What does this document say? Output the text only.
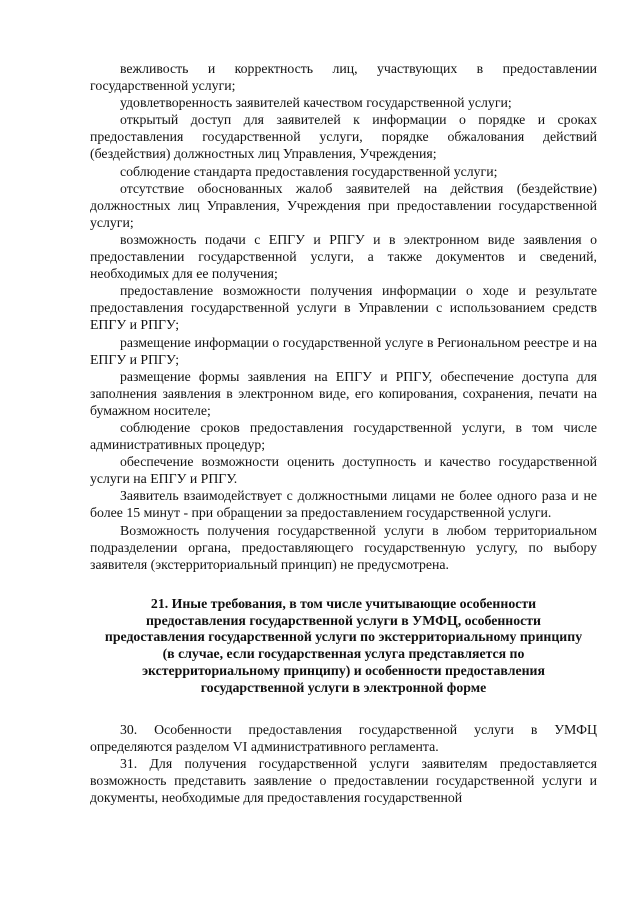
вежливость и корректность лиц, участвующих в предоставлении государственной услуги;

удовлетворенность заявителей качеством государственной услуги;

открытый доступ для заявителей к информации о порядке и сроках предоставления государственной услуги, порядке обжалования действий (бездействия) должностных лиц Управления, Учреждения;

соблюдение стандарта предоставления государственной услуги;

отсутствие обоснованных жалоб заявителей на действия (бездействие) должностных лиц Управления, Учреждения при предоставлении государственной услуги;

возможность подачи с ЕПГУ и РПГУ и в электронном виде заявления о предоставлении государственной услуги, а также документов и сведений, необходимых для ее получения;

предоставление возможности получения информации о ходе и результате предоставления государственной услуги в Управлении с использованием средств ЕПГУ и РПГУ;

размещение информации о государственной услуге в Региональном реестре и на ЕПГУ и РПГУ;

размещение формы заявления на ЕПГУ и РПГУ, обеспечение доступа для заполнения заявления в электронном виде, его копирования, сохранения, печати на бумажном носителе;

соблюдение сроков предоставления государственной услуги, в том числе административных процедур;

обеспечение возможности оценить доступность и качество государственной услуги на ЕПГУ и РПГУ.

Заявитель взаимодействует с должностными лицами не более одного раза и не более 15 минут - при обращении за предоставлением государственной услуги.

Возможность получения государственной услуги в любом территориальном подразделении органа, предоставляющего государственную услугу, по выбору заявителя (экстерриториальный принцип) не предусмотрена.

21. Иные требования, в том числе учитывающие особенности предоставления государственной услуги в УМФЦ, особенности предоставления государственной услуги по экстерриториальному принципу (в случае, если государственная услуга представляется по экстерриториальному принципу) и особенности предоставления государственной услуги в электронной форме

30. Особенности предоставления государственной услуги в УМФЦ определяются разделом VI административного регламента.

31. Для получения государственной услуги заявителям предоставляется возможность представить заявление о предоставлении государственной услуги и документы, необходимые для предоставления государственной
